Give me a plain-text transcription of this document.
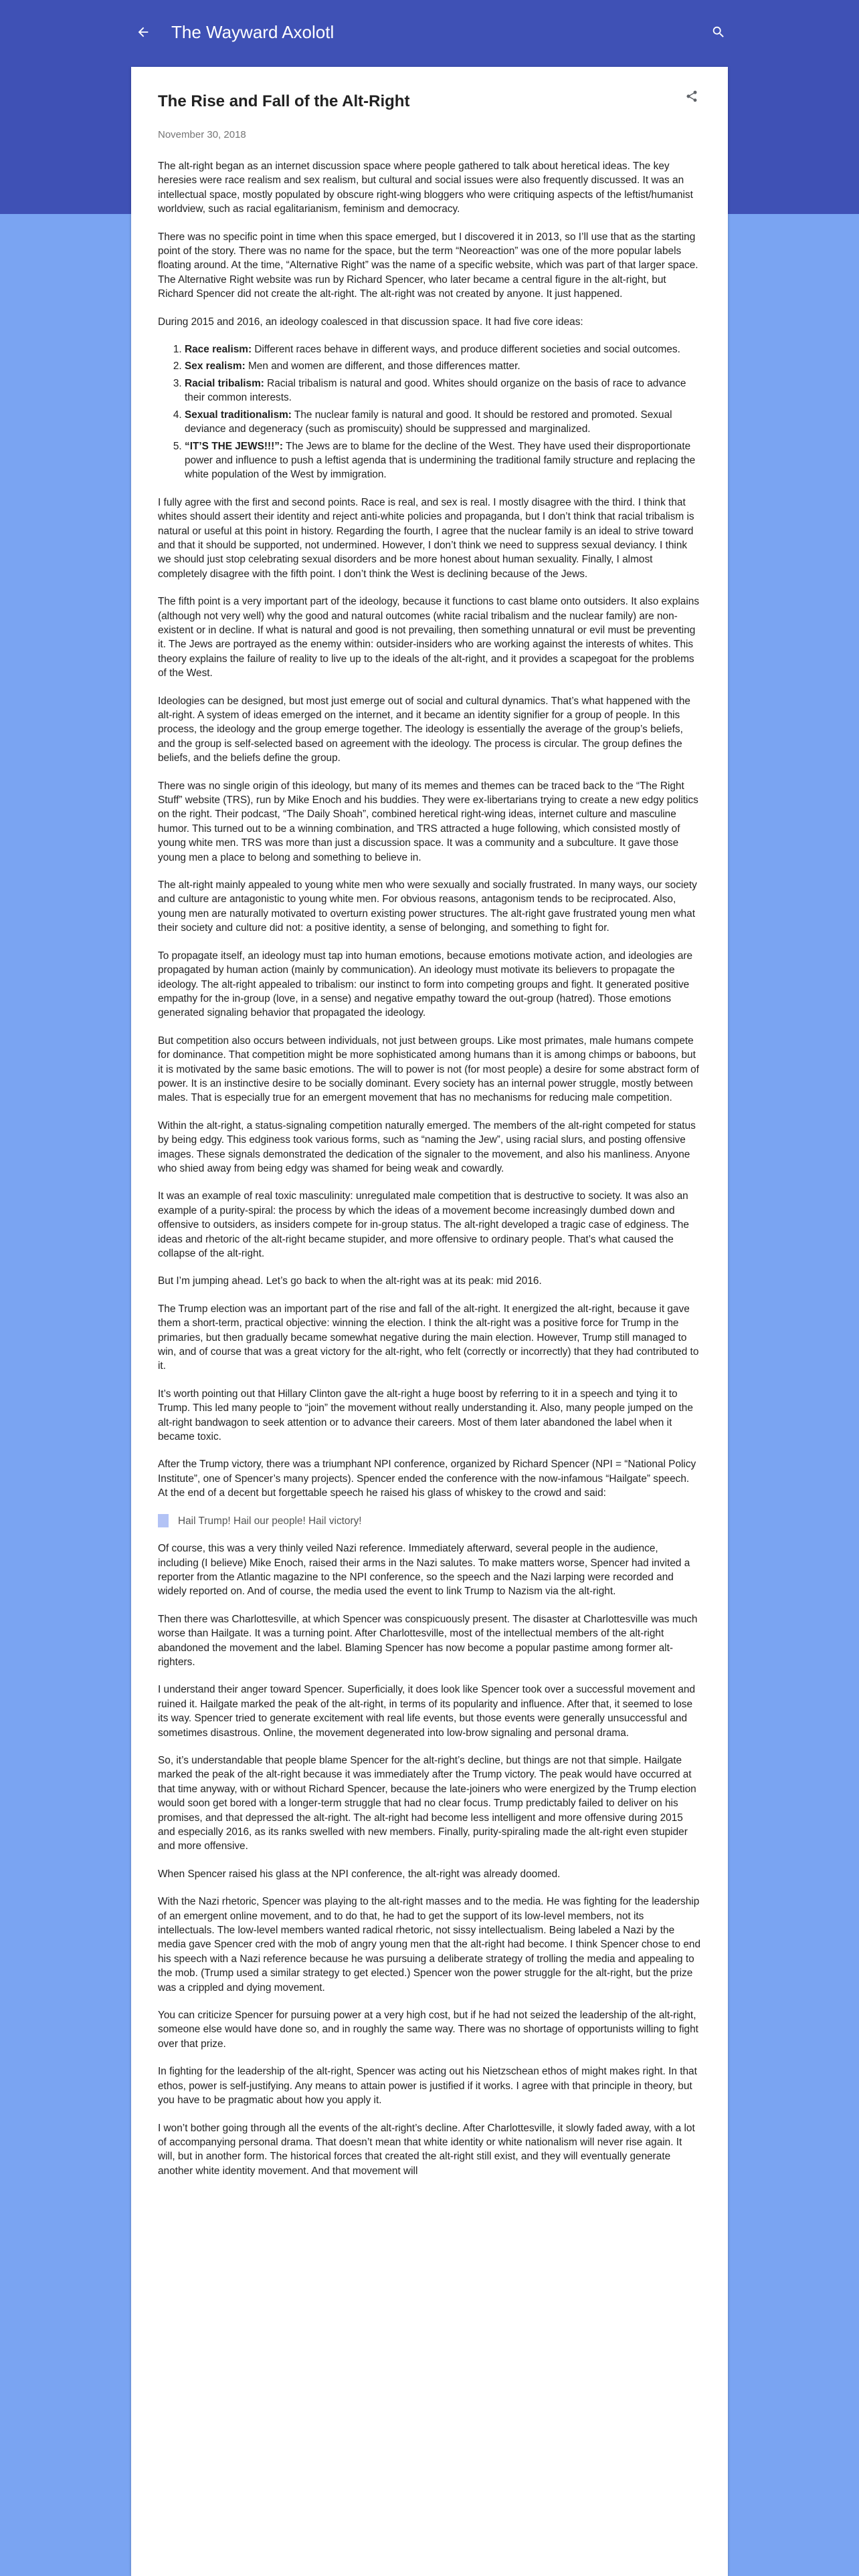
The Wayward Axolotl
The Rise and Fall of the Alt-Right
November 30, 2018

The alt-right began as an internet discussion space where people gathered to talk about heretical ideas. The key heresies were race realism and sex realism, but cultural and social issues were also frequently discussed. It was an intellectual space, mostly populated by obscure right-wing bloggers who were critiquing aspects of the leftist/humanist worldview, such as racial egalitarianism, feminism and democracy.

There was no specific point in time when this space emerged, but I discovered it in 2013, so I’ll use that as the starting point of the story. There was no name for the space, but the term “Neoreaction” was one of the more popular labels floating around. At the time, “Alternative Right” was the name of a specific website, which was part of that larger space. The Alternative Right website was run by Richard Spencer, who later became a central figure in the alt-right, but Richard Spencer did not create the alt-right. The alt-right was not created by anyone. It just happened.

During 2015 and 2016, an ideology coalesced in that discussion space. It had five core ideas:

1. Race realism: Different races behave in different ways, and produce different societies and social outcomes.
2. Sex realism: Men and women are different, and those differences matter.
3. Racial tribalism: Racial tribalism is natural and good. Whites should organize on the basis of race to advance their common interests.
4. Sexual traditionalism: The nuclear family is natural and good. It should be restored and promoted. Sexual deviance and degeneracy (such as promiscuity) should be suppressed and marginalized.
5. “IT’S THE JEWS!!!”: The Jews are to blame for the decline of the West. They have used their disproportionate power and influence to push a leftist agenda that is undermining the traditional family structure and replacing the white population of the West by immigration.

I fully agree with the first and second points. Race is real, and sex is real. I mostly disagree with the third. I think that whites should assert their identity and reject anti-white policies and propaganda, but I don’t think that racial tribalism is natural or useful at this point in history. Regarding the fourth, I agree that the nuclear family is an ideal to strive toward and that it should be supported, not undermined. However, I don’t think we need to suppress sexual deviancy. I think we should just stop celebrating sexual disorders and be more honest about human sexuality. Finally, I almost completely disagree with the fifth point. I don’t think the West is declining because of the Jews.

The fifth point is a very important part of the ideology, because it functions to cast blame onto outsiders. It also explains (although not very well) why the good and natural outcomes (white racial tribalism and the nuclear family) are non-existent or in decline. If what is natural and good is not prevailing, then something unnatural or evil must be preventing it. The Jews are portrayed as the enemy within: outsider-insiders who are working against the interests of whites. This theory explains the failure of reality to live up to the ideals of the alt-right, and it provides a scapegoat for the problems of the West.

Ideologies can be designed, but most just emerge out of social and cultural dynamics. That’s what happened with the alt-right. A system of ideas emerged on the internet, and it became an identity signifier for a group of people. In this process, the ideology and the group emerge together. The ideology is essentially the average of the group’s beliefs, and the group is self-selected based on agreement with the ideology. The process is circular. The group defines the beliefs, and the beliefs define the group.

There was no single origin of this ideology, but many of its memes and themes can be traced back to the “The Right Stuff” website (TRS), run by Mike Enoch and his buddies. They were ex-libertarians trying to create a new edgy politics on the right. Their podcast, “The Daily Shoah”, combined heretical right-wing ideas, internet culture and masculine humor. This turned out to be a winning combination, and TRS attracted a huge following, which consisted mostly of young white men. TRS was more than just a discussion space. It was a community and a subculture. It gave those young men a place to belong and something to believe in.

The alt-right mainly appealed to young white men who were sexually and socially frustrated. In many ways, our society and culture are antagonistic to young white men. For obvious reasons, antagonism tends to be reciprocated. Also, young men are naturally motivated to overturn existing power structures. The alt-right gave frustrated young men what their society and culture did not: a positive identity, a sense of belonging, and something to fight for.

To propagate itself, an ideology must tap into human emotions, because emotions motivate action, and ideologies are propagated by human action (mainly by communication). An ideology must motivate its believers to propagate the ideology. The alt-right appealed to tribalism: our instinct to form into competing groups and fight. It generated positive empathy for the in-group (love, in a sense) and negative empathy toward the out-group (hatred). Those emotions generated signaling behavior that propagated the ideology.

But competition also occurs between individuals, not just between groups. Like most primates, male humans compete for dominance. That competition might be more sophisticated among humans than it is among chimps or baboons, but it is motivated by the same basic emotions. The will to power is not (for most people) a desire for some abstract form of power. It is an instinctive desire to be socially dominant. Every society has an internal power struggle, mostly between males. That is especially true for an emergent movement that has no mechanisms for reducing male competition.

Within the alt-right, a status-signaling competition naturally emerged. The members of the alt-right competed for status by being edgy. This edginess took various forms, such as “naming the Jew”, using racial slurs, and posting offensive images. These signals demonstrated the dedication of the signaler to the movement, and also his manliness. Anyone who shied away from being edgy was shamed for being weak and cowardly.

It was an example of real toxic masculinity: unregulated male competition that is destructive to society. It was also an example of a purity-spiral: the process by which the ideas of a movement become increasingly dumbed down and offensive to outsiders, as insiders compete for in-group status. The alt-right developed a tragic case of edginess. The ideas and rhetoric of the alt-right became stupider, and more offensive to ordinary people. That’s what caused the collapse of the alt-right.

But I’m jumping ahead. Let’s go back to when the alt-right was at its peak: mid 2016.

The Trump election was an important part of the rise and fall of the alt-right. It energized the alt-right, because it gave them a short-term, practical objective: winning the election. I think the alt-right was a positive force for Trump in the primaries, but then gradually became somewhat negative during the main election. However, Trump still managed to win, and of course that was a great victory for the alt-right, who felt (correctly or incorrectly) that they had contributed to it.

It’s worth pointing out that Hillary Clinton gave the alt-right a huge boost by referring to it in a speech and tying it to Trump. This led many people to “join” the movement without really understanding it. Also, many people jumped on the alt-right bandwagon to seek attention or to advance their careers. Most of them later abandoned the label when it became toxic.

After the Trump victory, there was a triumphant NPI conference, organized by Richard Spencer (NPI = “National Policy Institute”, one of Spencer’s many projects). Spencer ended the conference with the now-infamous “Hailgate” speech. At the end of a decent but forgettable speech he raised his glass of whiskey to the crowd and said:

Hail Trump! Hail our people! Hail victory!

Of course, this was a very thinly veiled Nazi reference. Immediately afterward, several people in the audience, including (I believe) Mike Enoch, raised their arms in the Nazi salutes. To make matters worse, Spencer had invited a reporter from the Atlantic magazine to the NPI conference, so the speech and the Nazi larping were recorded and widely reported on. And of course, the media used the event to link Trump to Nazism via the alt-right.

Then there was Charlottesville, at which Spencer was conspicuously present. The disaster at Charlottesville was much worse than Hailgate. It was a turning point. After Charlottesville, most of the intellectual members of the alt-right abandoned the movement and the label. Blaming Spencer has now become a popular pastime among former alt-righters.

I understand their anger toward Spencer. Superficially, it does look like Spencer took over a successful movement and ruined it. Hailgate marked the peak of the alt-right, in terms of its popularity and influence. After that, it seemed to lose its way. Spencer tried to generate excitement with real life events, but those events were generally unsuccessful and sometimes disastrous. Online, the movement degenerated into low-brow signaling and personal drama.

So, it’s understandable that people blame Spencer for the alt-right’s decline, but things are not that simple. Hailgate marked the peak of the alt-right because it was immediately after the Trump victory. The peak would have occurred at that time anyway, with or without Richard Spencer, because the late-joiners who were energized by the Trump election would soon get bored with a longer-term struggle that had no clear focus. Trump predictably failed to deliver on his promises, and that depressed the alt-right. The alt-right had become less intelligent and more offensive during 2015 and especially 2016, as its ranks swelled with new members. Finally, purity-spiraling made the alt-right even stupider and more offensive.

When Spencer raised his glass at the NPI conference, the alt-right was already doomed.

With the Nazi rhetoric, Spencer was playing to the alt-right masses and to the media. He was fighting for the leadership of an emergent online movement, and to do that, he had to get the support of its low-level members, not its intellectuals. The low-level members wanted radical rhetoric, not sissy intellectualism. Being labeled a Nazi by the media gave Spencer cred with the mob of angry young men that the alt-right had become. I think Spencer chose to end his speech with a Nazi reference because he was pursuing a deliberate strategy of trolling the media and appealing to the mob. (Trump used a similar strategy to get elected.) Spencer won the power struggle for the alt-right, but the prize was a crippled and dying movement.

You can criticize Spencer for pursuing power at a very high cost, but if he had not seized the leadership of the alt-right, someone else would have done so, and in roughly the same way. There was no shortage of opportunists willing to fight over that prize.

In fighting for the leadership of the alt-right, Spencer was acting out his Nietzschean ethos of might makes right. In that ethos, power is self-justifying. Any means to attain power is justified if it works. I agree with that principle in theory, but you have to be pragmatic about how you apply it.

I won’t bother going through all the events of the alt-right’s decline. After Charlottesville, it slowly faded away, with a lot of accompanying personal drama. That doesn’t mean that white identity or white nationalism will never rise again. It will, but in another form. The historical forces that created the alt-right still exist, and they will eventually generate another white identity movement. And that movement will
